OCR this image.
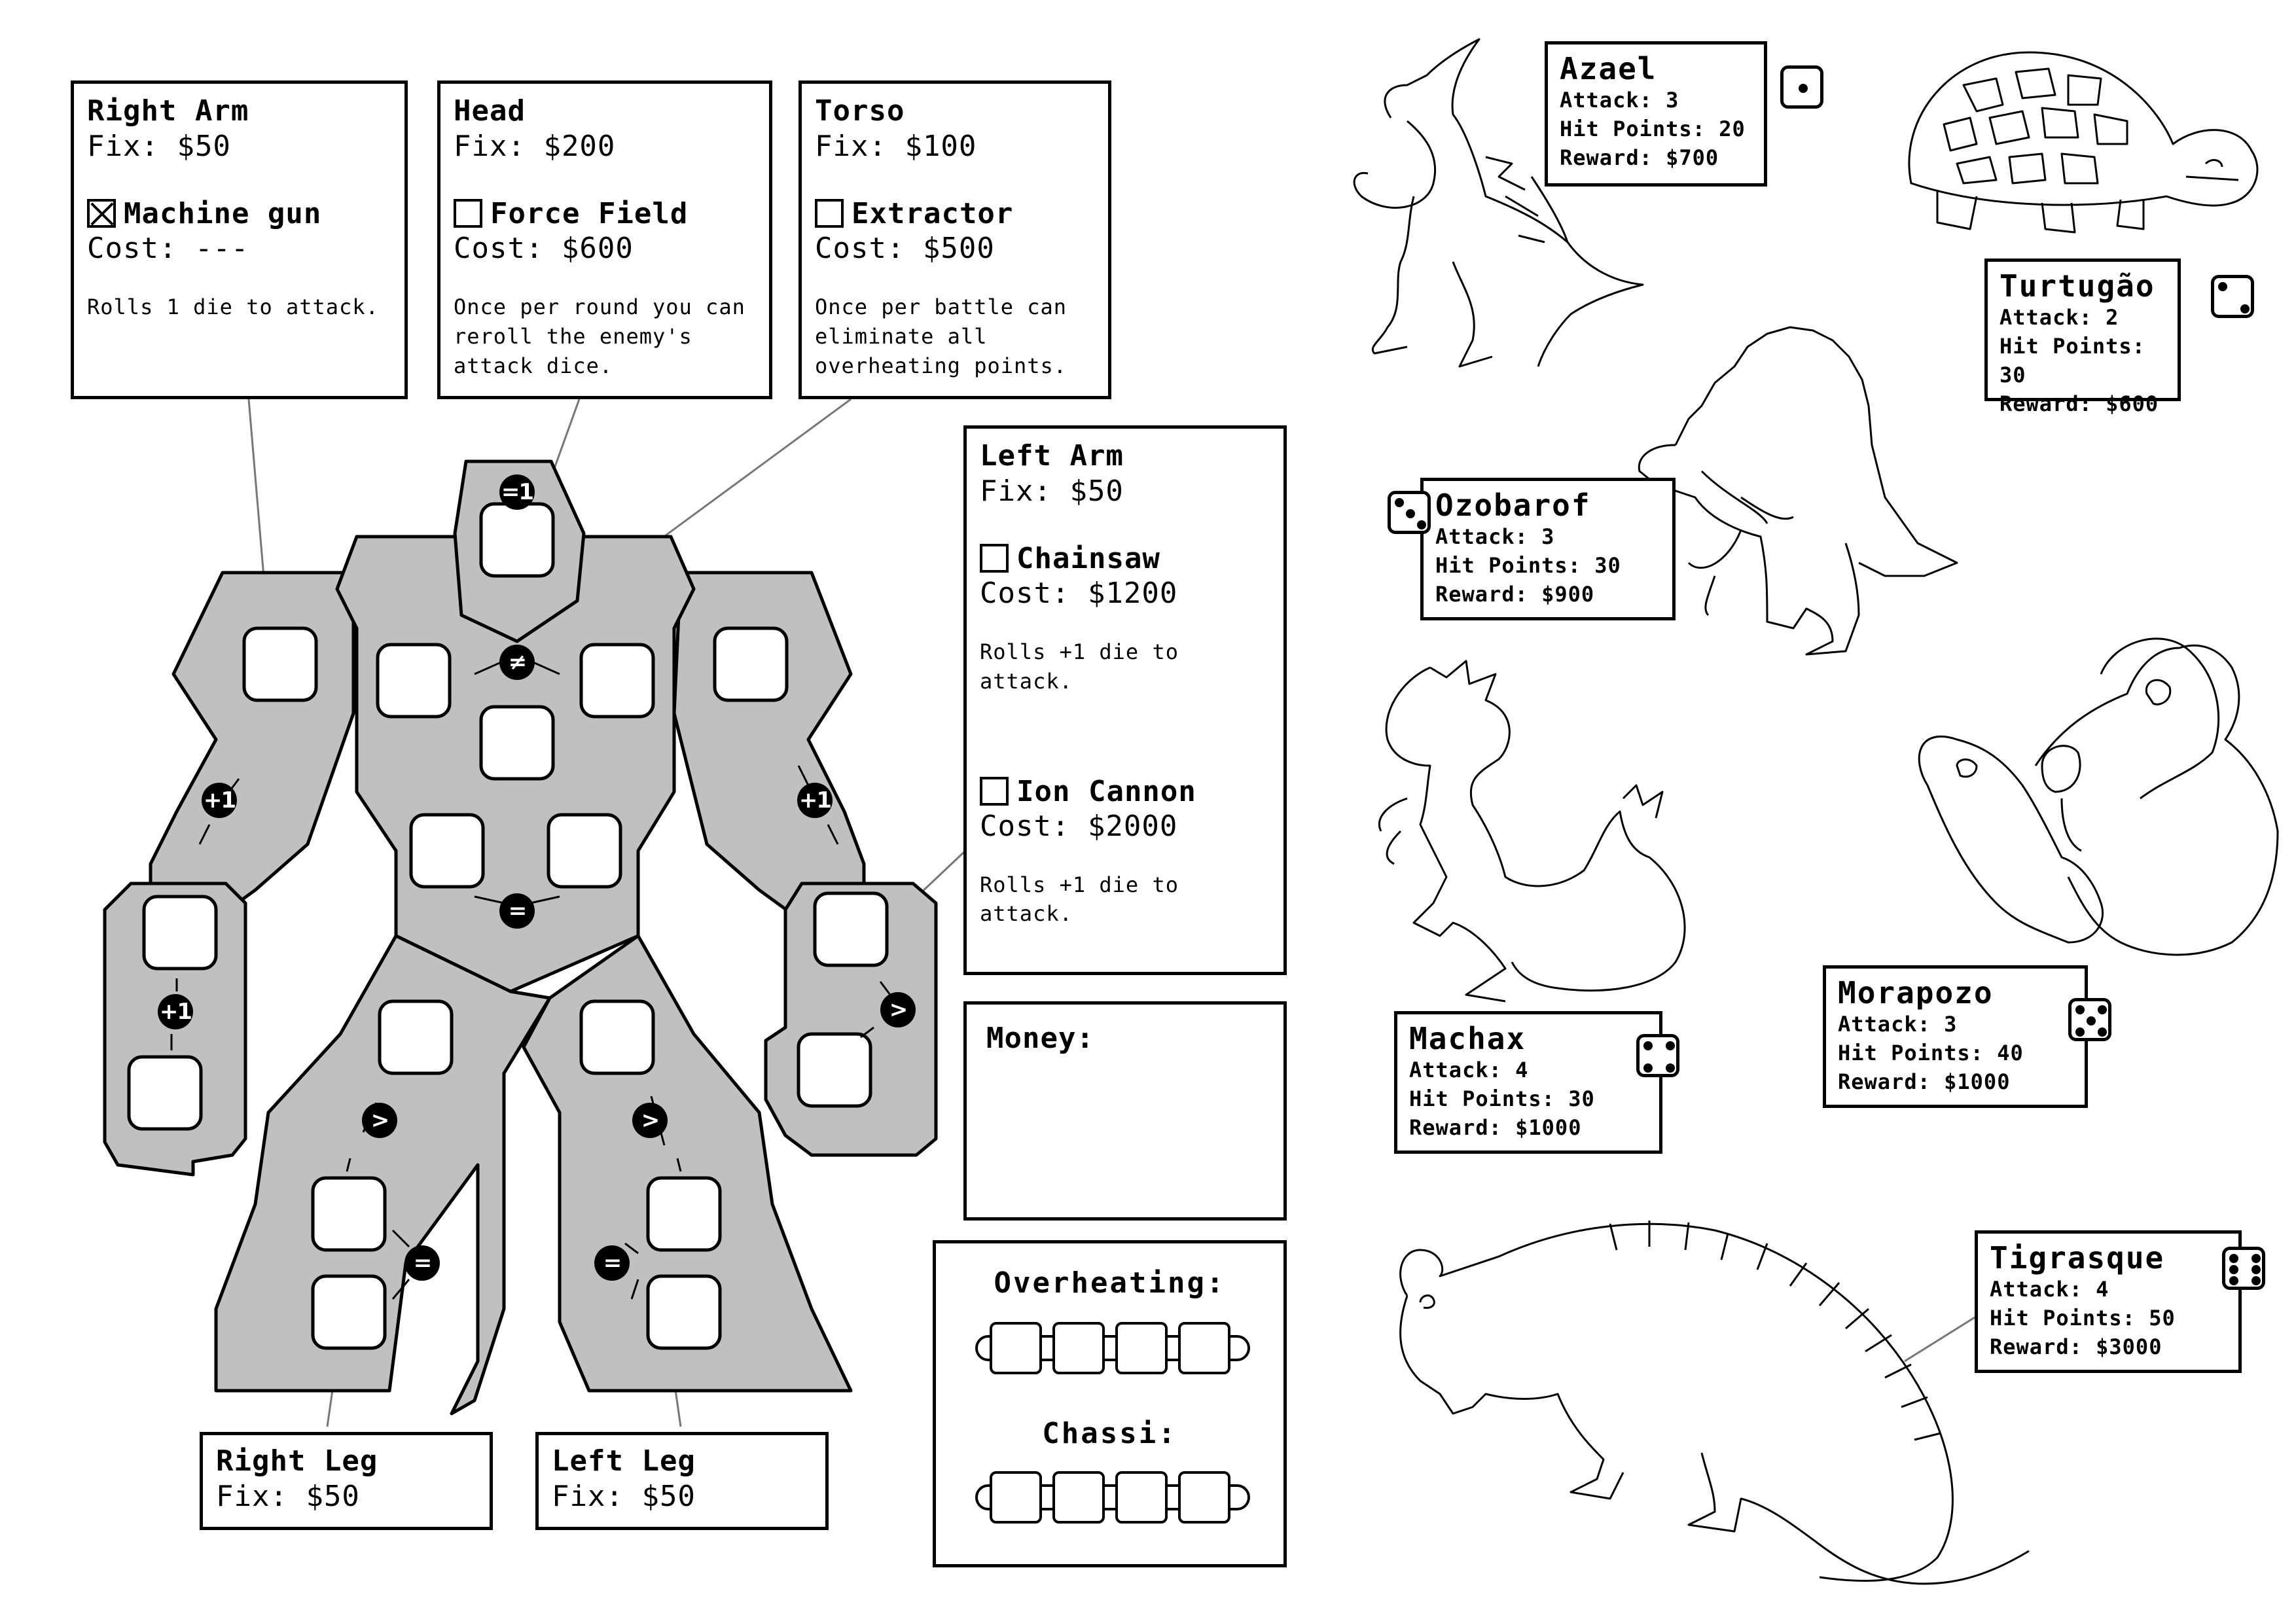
=1
≠
=
+1	+1
+1	>
>	>
=	=
Right Arm
Fix: $50
Machine gun
Cost: ---
Rolls 1 die to attack.
Head
Fix: $200
Force Field
Cost: $600
Once per round you can
reroll the enemy's
attack dice.
Torso
Fix: $100
Extractor
Cost: $500
Once per battle can
eliminate all
overheating points.
Left Arm
Fix: $50
Chainsaw
Cost: $1200
Rolls +1 die to attack.
Ion Cannon
Cost: $2000
Rolls +1 die to attack.
Right Leg
Fix: $50
Left Leg
Fix: $50
Money:
Overheating:
Chassi:
Azael
Attack: 3
Hit Points: 20
Reward: $700
Turtugão
Attack: 2
Hit Points: 30
Reward: $600
Ozobarof
Attack: 3
Hit Points: 30
Reward: $900
Machax
Attack: 4
Hit Points: 30
Reward: $1000
Morapozo
Attack: 3
Hit Points: 40
Reward: $1000
Tigrasque
Attack: 4
Hit Points: 50
Reward: $3000
